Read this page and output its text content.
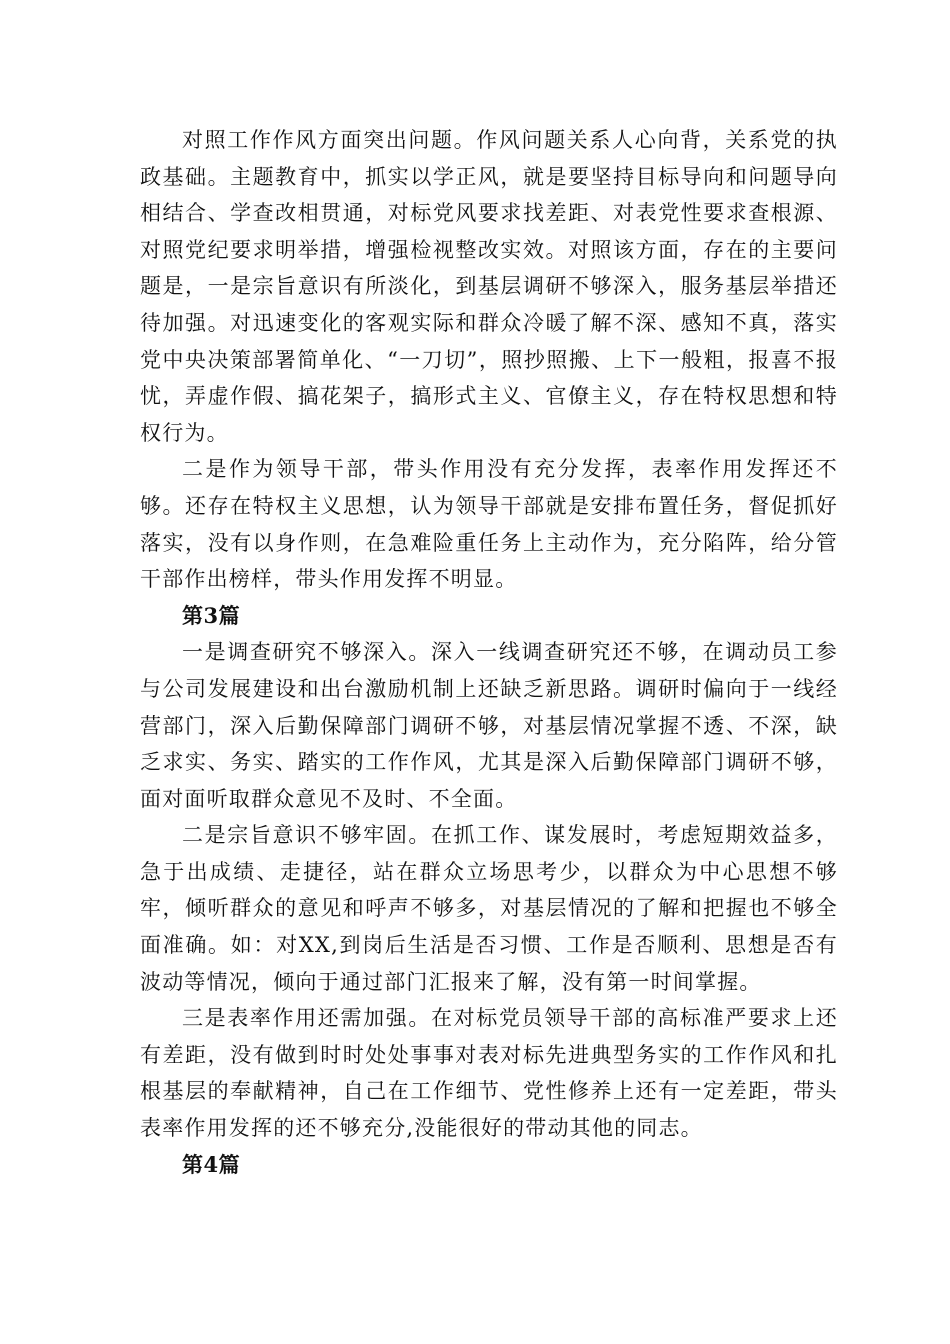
对照工作作风方面突出问题。作风问题关系人心向背，关系党的执政基础。主题教育中，抓实以学正风，就是要坚持目标导向和问题导向相结合、学查改相贯通，对标党风要求找差距、对表党性要求查根源、对照党纪要求明举措，增强检视整改实效。对照该方面，存在的主要问题是，一是宗旨意识有所淡化，到基层调研不够深入，服务基层举措还待加强。对迅速变化的客观实际和群众冷暖了解不深、感知不真，落实党中央决策部署简单化、“一刀切”，照抄照搬、上下一般粗，报喜不报忧，弄虚作假、搞花架子，搞形式主义、官僚主义，存在特权思想和特权行为。

二是作为领导干部，带头作用没有充分发挥，表率作用发挥还不够。还存在特权主义思想，认为领导干部就是安排布置任务，督促抓好落实，没有以身作则，在急难险重任务上主动作为，充分陷阵，给分管干部作出榜样，带头作用发挥不明显。

第3篇

一是调查研究不够深入。深入一线调查研究还不够，在调动员工参与公司发展建设和出台激励机制上还缺乏新思路。调研时偏向于一线经营部门，深入后勤保障部门调研不够，对基层情况掌握不透、不深，缺乏求实、务实、踏实的工作作风，尤其是深入后勤保障部门调研不够，面对面听取群众意见不及时、不全面。

二是宗旨意识不够牢固。在抓工作、谋发展时，考虑短期效益多，急于出成绩、走捷径，站在群众立场思考少，以群众为中心思想不够牢，倾听群众的意见和呼声不够多，对基层情况的了解和把握也不够全面准确。如：对XX,到岗后生活是否习惯、工作是否顺利、思想是否有波动等情况，倾向于通过部门汇报来了解，没有第一时间掌握。

三是表率作用还需加强。在对标党员领导干部的高标准严要求上还有差距，没有做到时时处处事事对表对标先进典型务实的工作作风和扎根基层的奉献精神，自己在工作细节、党性修养上还有一定差距，带头表率作用发挥的还不够充分,没能很好的带动其他的同志。

第4篇
